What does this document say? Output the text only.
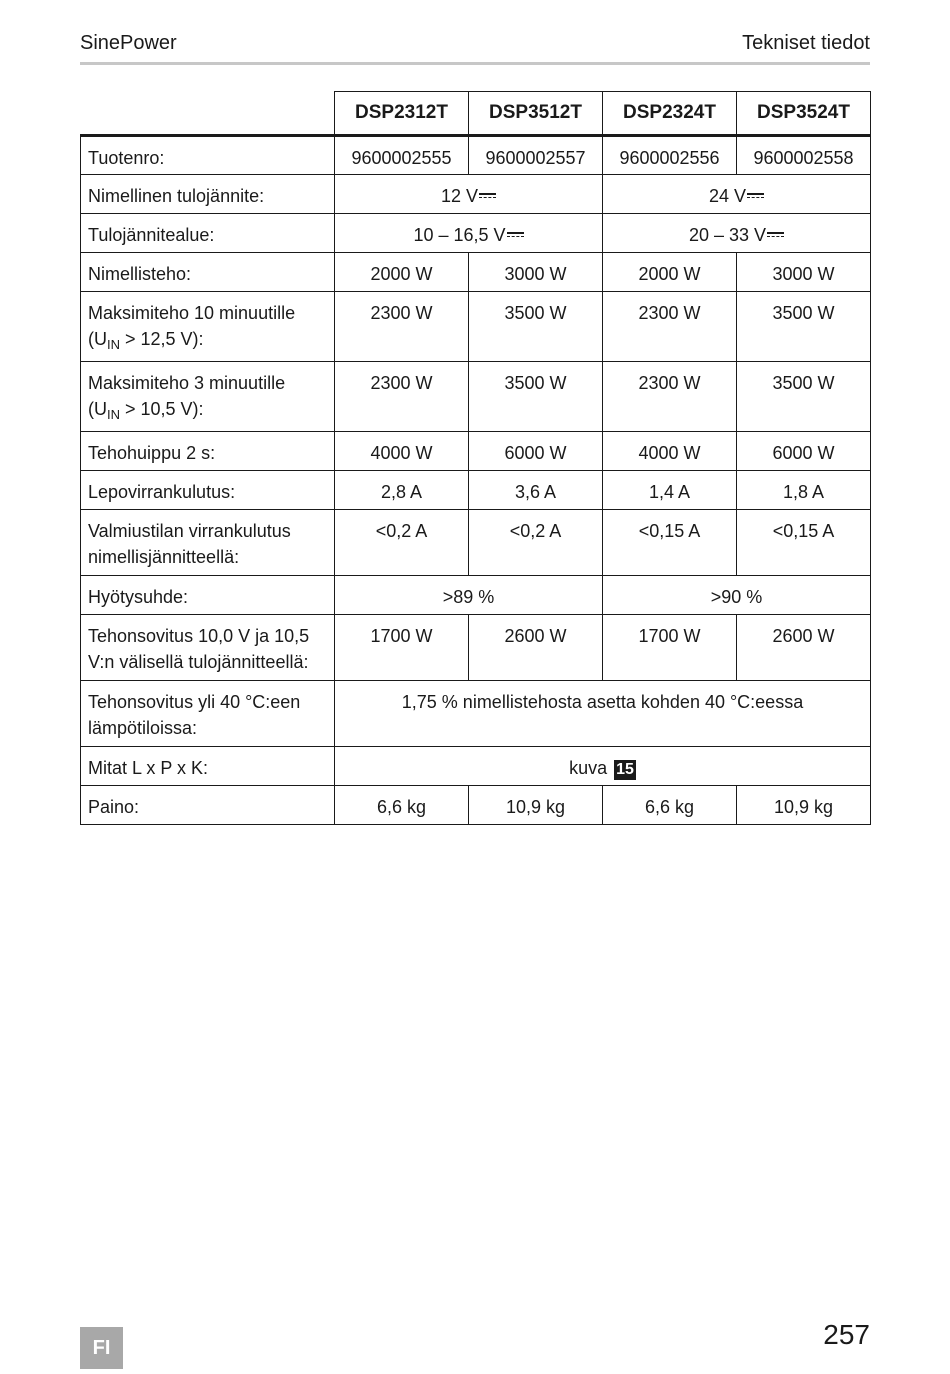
SinePower	Tekniset tiedot
	DSP2312T	DSP3512T	DSP2324T	DSP3524T
Tuotenro:	9600002555	9600002557	9600002556	9600002558
Nimellinen tulojännite:	12 V		24 V	
Tulojännitealue:	10 – 16,5 V		20 – 33 V	
Nimellisteho:	2000 W	3000 W	2000 W	3000 W
Maksimiteho 10 minuutille
($U_{IN} > 12,5$ V):	2300 W	3500 W	2300 W	3500 W
Maksimiteho 3 minuutille
($U_{IN} > 10,5$ V):	2300 W	3500 W	2300 W	3500 W
Tehohuippu 2 s:	4000 W	6000 W	4000 W	6000 W
Lepovirrankulutus:	2,8 A	3,6 A	1,4 A	1,8 A
Valmiustilan virrankulutus
nimellisjännitteellä:	<0,2 A	<0,2 A	<0,15 A	<0,15 A
Hyötysuhde:	>89 %		>90 %	
Tehonsovitus 10,0 V ja 10,5
V:n välisellä tulojännitteellä:	1700 W	2600 W	1700 W	2600 W
Tehonsovitus yli 40 °C:een
lämpötiloissa:	1,75 % nimellistehosta asetta kohden 40 °C:eessa			
Mitat L x P x K:	kuva 15			
Paino:	6,6 kg	10,9 kg	6,6 kg	10,9 kg
FI	257
